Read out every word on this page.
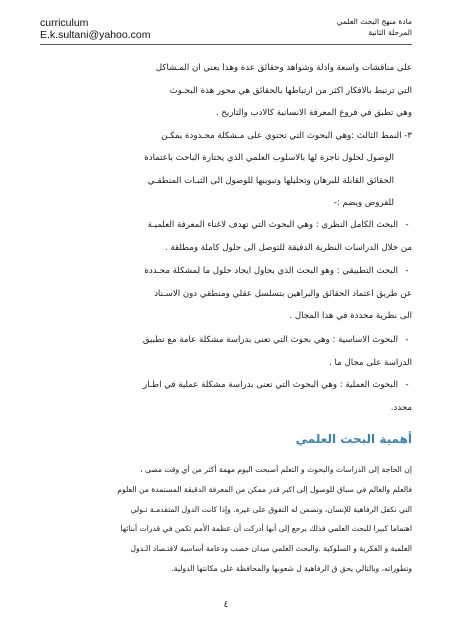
curriculum
E.k.sultani@yahoo.com
مادة منهج البحث العلمي
المرحلة الثانية
على مناقشات واسعة وادلة وشواهد وحقائق عدة وهذا يعني ان المـشاكل
التي ترتبط بالافكار اكثر من ارتباطها بالحقائق هي محور هذة البحـوث
وهي تطبق في فروع المعرفة الانسانية كالادب والتاريخ .
٣- النمط الثالث :وهي البحوث التي تحتوي على مـشكلة محـدودة يمكـن
الوصول لحلول ناجزة لها بالاسلوب العلمي الذي يختارة الباحث باعتمادة
الحقائق القابلة للبرهان وتحليلها وتبويبها للوصول الى الثبـات المنطقـي
للفروض ويضم :-
-
البحث الكامل النظري : وهي البحوث التي تهدف لاغناء المعرفة العلميـة
من خلال الدراسات النظرية الدقيقة للتوصل الى حلول كاملة ومطلقة .
-
البحث التطبيقي : وهو البحث الذي يحاول ايجاد حلول ما لمشكلة محـددة
عن طريق اعتماد الحقائق والبراهين بتسلسل عقلي ومنطقي دون الاسـناد
الى نظرية محددة في هذا المجال .
-
البحوث الاساسية : وهي بحوث التي تعنى بدراسة مشكلة عامة مع تطبيق
الدراسة على مجال ما .
-
البحوث العملية : وهي البحوث التي تعنى بدراسة مشكلة عملية في اطـار
محدد.
أهمية البحث العلمي
إن الحاجة إلى الدراسات والبحوث و التعلم أصبحت اليوم مهمة أكثر من أي وقت مضى ،
فالعلم والعالم في سباق للوصول إلى اكبر قدر ممكن من المعرفة الدقيقة المستمدة من العلوم
التي تكفل الرفاهية للإنسان، وتضمن له التفوق على غيره. وإذا كانت الدول المتقدمـة تـولي
اهتماما كبيرا للبحث العلمي فذلك يرجع إلى أنها أدركت أن عظمة الأمم تكمن في قدرات أبنائها
العلمية و الفكرية و السلوكية .والبحث العلمي ميدان خصب ودعامة أساسية لاقتـصاد الـدول
وتطوراته، وبالتالي يحق ق الرفاهية ل شعوبها والمحافظة على مكانتها الدولية.
٤
